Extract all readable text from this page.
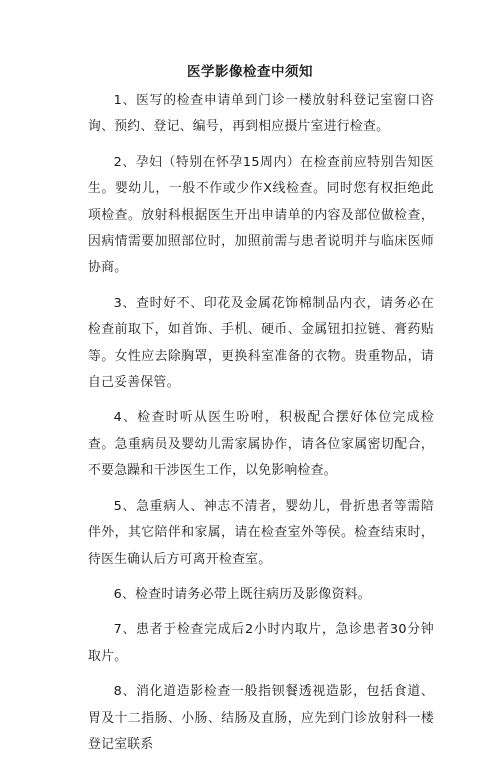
医学影像检查中须知

1、医写的检查申请单到门诊一楼放射科登记室窗口咨询、预约、登记、编号，再到相应摄片室进行检查。

2、孕妇（特别在怀孕15周内）在检查前应特别告知医生。婴幼儿，一般不作或少作X线检查。同时您有权拒绝此项检查。放射科根据医生开出申请单的内容及部位做检查，因病情需要加照部位时，加照前需与患者说明并与临床医师协商。

3、查时好不、印花及金属花饰棉制品内衣，请务必在检查前取下，如首饰、手机、硬币、金属钮扣拉链、膏药贴等。女性应去除胸罩，更换科室准备的衣物。贵重物品，请自己妥善保管。

4、检查时听从医生吩咐，积极配合摆好体位完成检查。急重病员及婴幼儿需家属协作，请各位家属密切配合，不要急躁和干涉医生工作，以免影响检查。

5、急重病人、神志不清者，婴幼儿，骨折患者等需陪伴外，其它陪伴和家属，请在检查室外等侯。检查结束时，待医生确认后方可离开检查室。

6、检查时请务必带上既往病历及影像资料。

7、患者于检查完成后2小时内取片，急诊患者30分钟取片。

8、消化道造影检查一般指钡餐透视造影，包括食道、胃及十二指肠、小肠、结肠及直肠，应先到门诊放射科一楼登记室联系
